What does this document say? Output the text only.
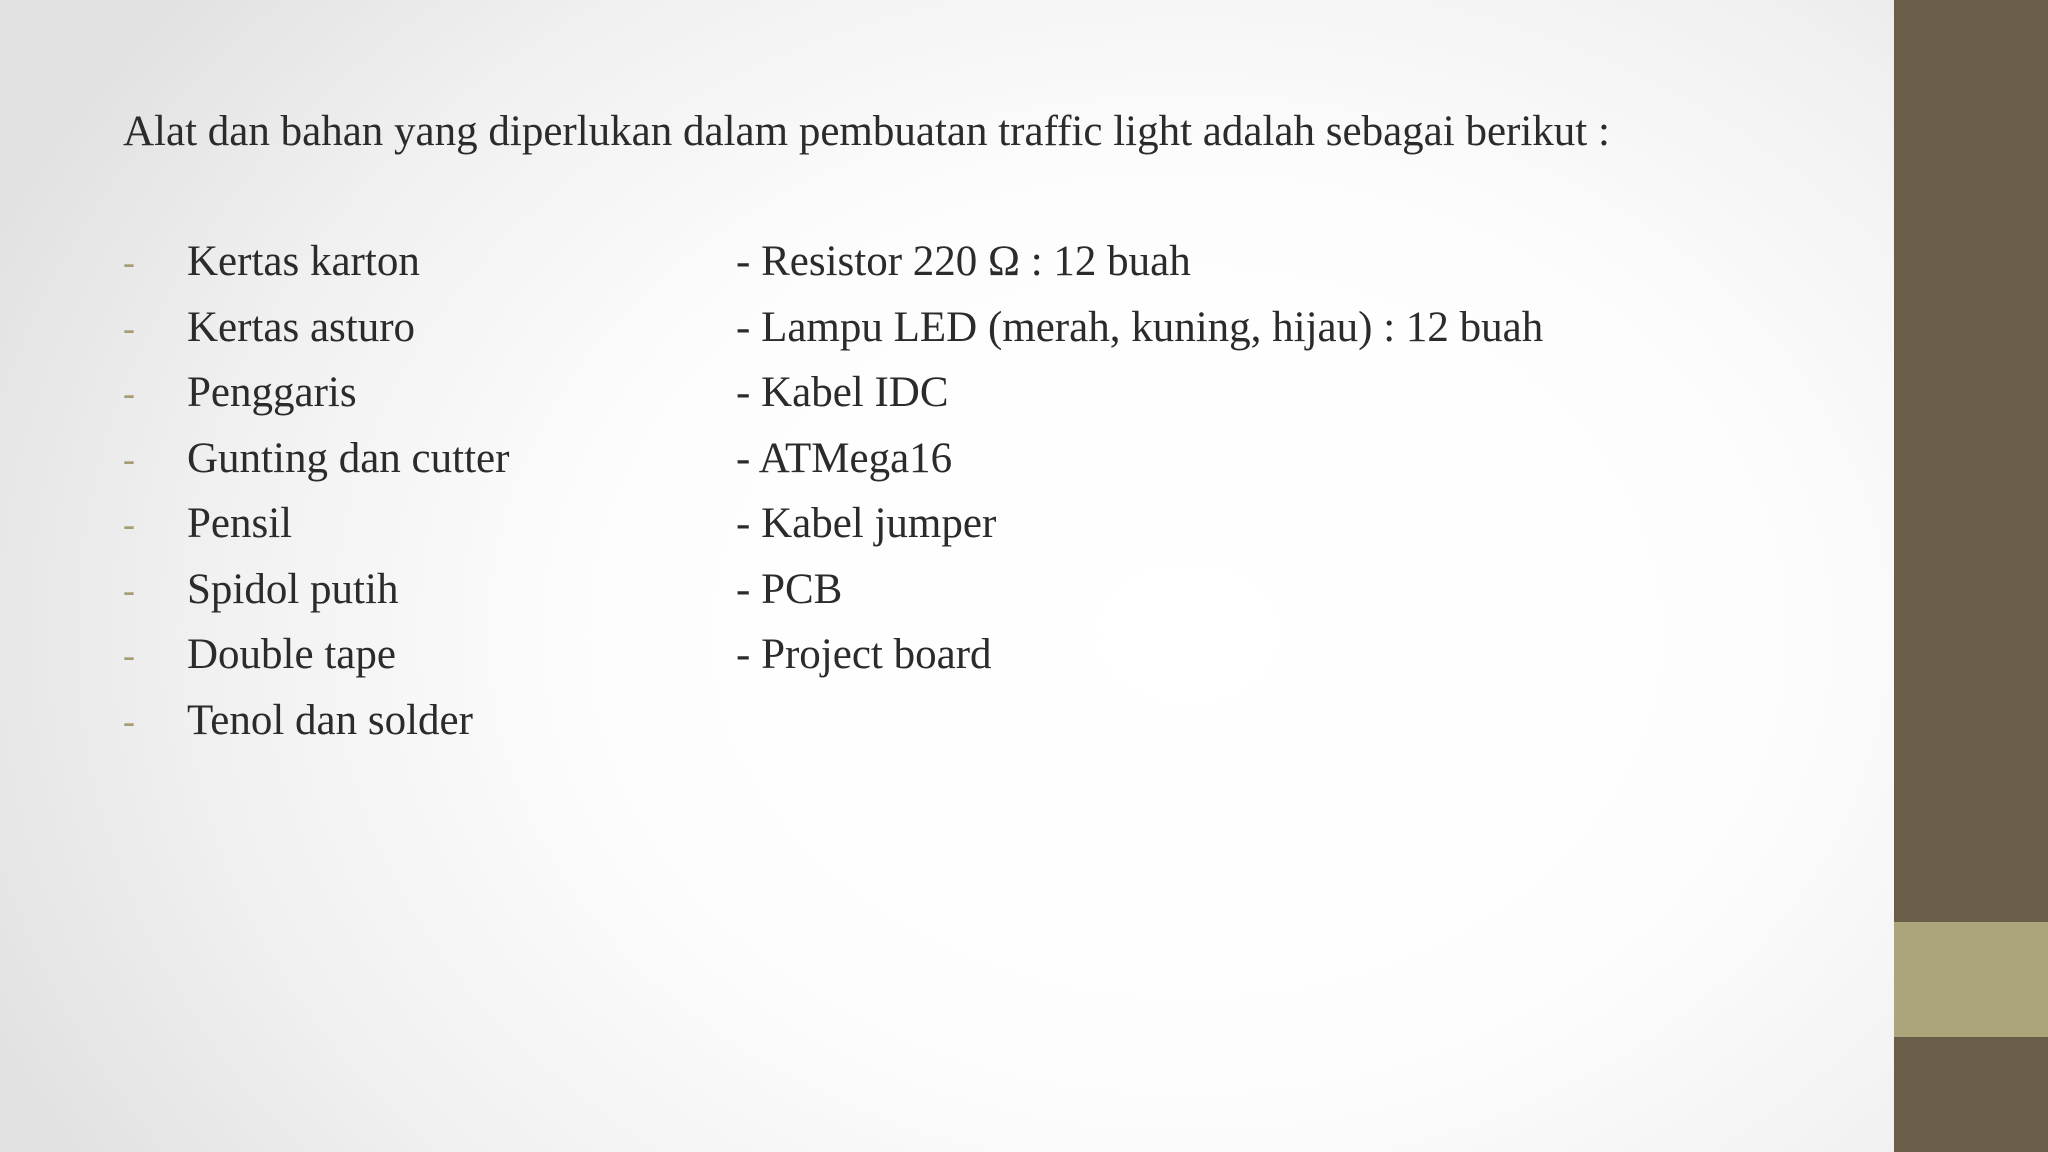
Alat dan bahan yang diperlukan dalam pembuatan traffic light adalah sebagai berikut :

-	Kertas karton
-	Kertas asturo
-	Penggaris
-	Gunting dan cutter
-	Pensil
-	Spidol putih
-	Double tape
-	Tenol dan solder
- Resistor 220 Ω : 12 buah
- Lampu LED (merah, kuning, hijau) : 12 buah
- Kabel IDC
- ATMega16
- Kabel jumper
- PCB
- Project board
